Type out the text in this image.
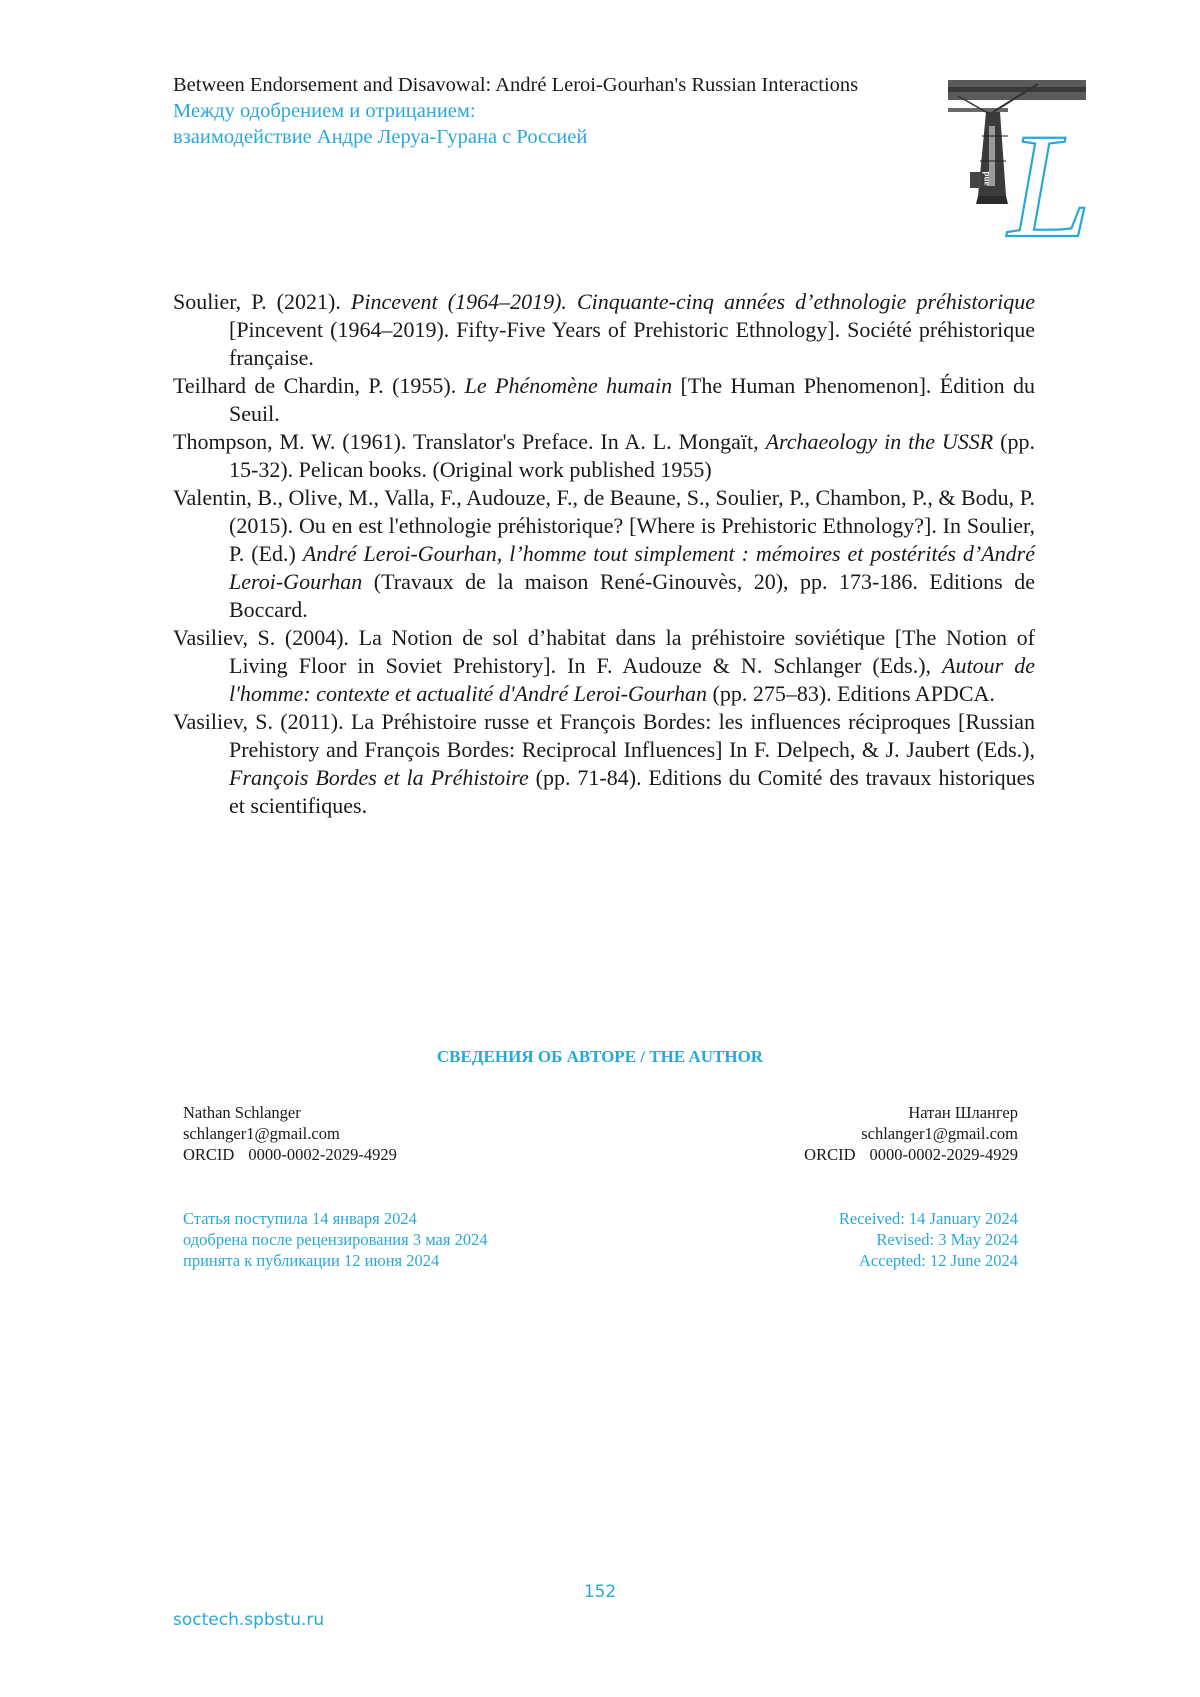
Between Endorsement and Disavowal: André Leroi-Gourhan's Russian Interactions
Между одобрением и отрицанием:
взаимодействие Андре Леруа-Гурана с Россией
and L

Soulier, P. (2021). Pincevent (1964–2019). Cinquante-cinq années d’ethnologie préhistorique [Pincevent (1964–2019). Fifty-Five Years of Prehistoric Ethnology]. Société préhistorique française.

Teilhard de Chardin, P. (1955). Le Phénomène humain [The Human Phenomenon]. Édition du Seuil.

Thompson, M. W. (1961). Translator's Preface. In A. L. Mongaït, Archaeology in the USSR (pp. 15-32). Pelican books. (Original work published 1955)

Valentin, B., Olive, M., Valla, F., Audouze, F., de Beaune, S., Soulier, P., Chambon, P., & Bodu, P. (2015). Ou en est l'ethnologie préhistorique? [Where is Prehistoric Ethnology?]. In Soulier, P. (Ed.) André Leroi-Gourhan, l’homme tout simplement : mémoires et postérités d’André Leroi-Gourhan (Travaux de la maison René-Ginouvès, 20), pp. 173-186. Editions de Boccard.

Vasiliev, S. (2004). La Notion de sol d’habitat dans la préhistoire soviétique [The Notion of Living Floor in Soviet Prehistory]. In F. Audouze & N. Schlanger (Eds.), Autour de l'homme: contexte et actualité d'André Leroi-Gourhan (pp. 275–83). Editions APDCA.

Vasiliev, S. (2011). La Préhistoire russe et François Bordes: les influences réciproques [Russian Prehistory and François Bordes: Reciprocal Influences] In F. Delpech, & J. Jaubert (Eds.), François Bordes et la Préhistoire (pp. 71-84). Editions du Comité des travaux historiques et scientifiques.

СВЕДЕНИЯ ОБ АВТОРЕ / THE AUTHOR
Nathan Schlanger
schlanger1@gmail.com
ORCID 0000-0002-2029-4929
Натан Шлангер
schlanger1@gmail.com
ORCID 0000-0002-2029-4929
Статья поступила 14 января 2024
одобрена после рецензирования 3 мая 2024
принята к публикации 12 июня 2024
Received: 14 January 2024
Revised: 3 May 2024
Accepted: 12 June 2024
152
soctech.spbstu.ru
